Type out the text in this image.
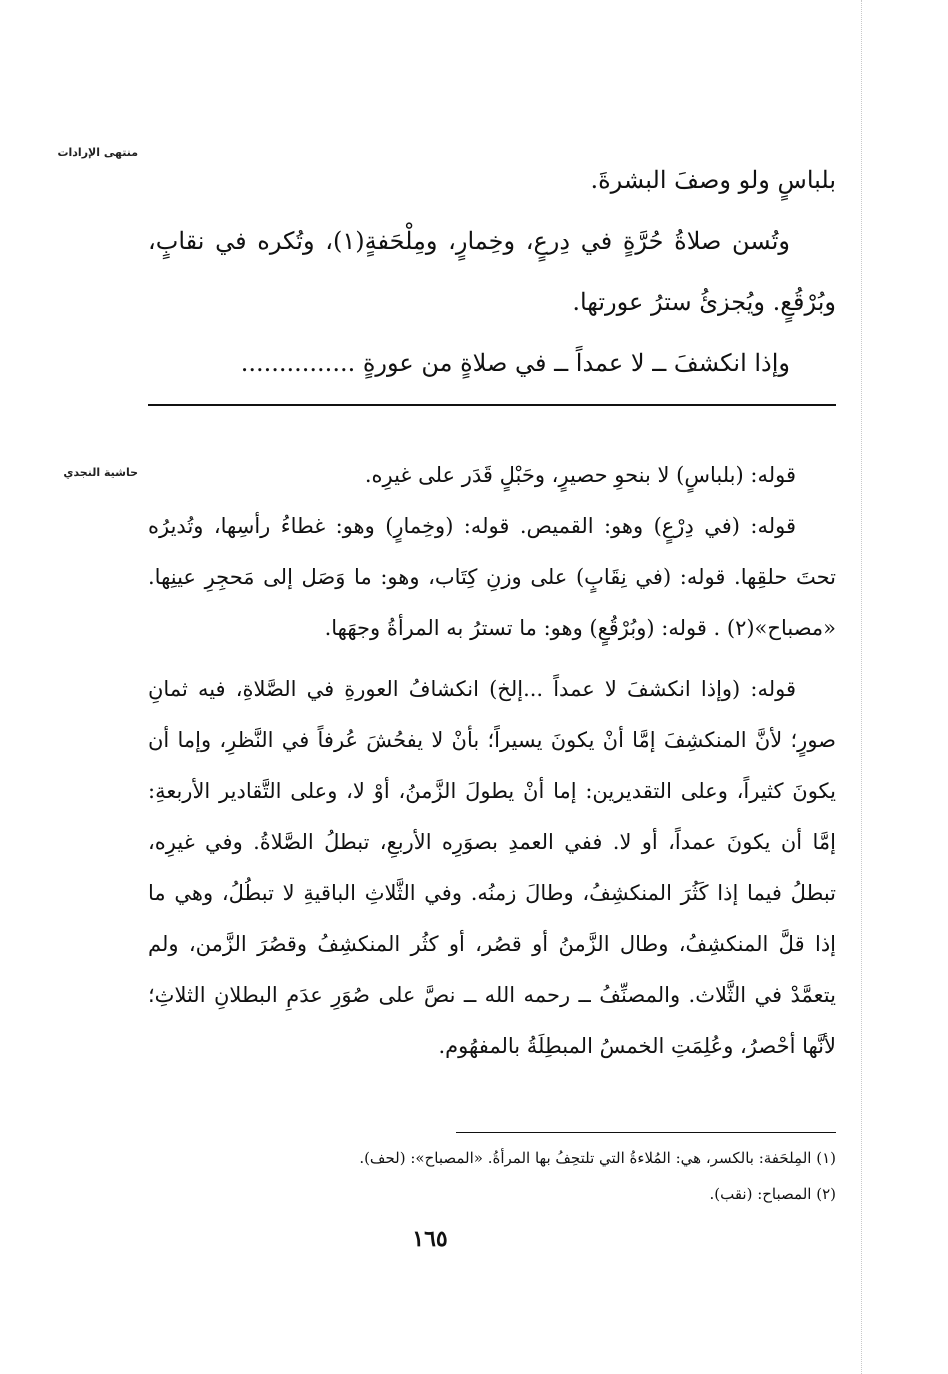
منتهى الإرادات
حاشية النجدي

بلباسٍ ولو وصفَ البشرةَ.

وتُسن صلاةُ حُرَّةٍ في دِرعٍ، وخِمارٍ، ومِلْحَفةٍ(١)، وتُكره في نقابٍ، وبُرْقُعٍ. ويُجزئُ سترُ عورتها.

وإذا انكشفَ ــ لا عمداً ــ في صلاةٍ من عورةٍ ...............

قوله: (بلباسٍ) لا بنحوِ حصيرٍ، وحَبْلٍ قَدَر على غيرِه.

قوله: (في دِرْعٍ) وهو: القميص. قوله: (وخِمارٍ) وهو: غطاءُ رأسِها، وتُديرُه تحتَ حلقِها. قوله: (في نِقَابٍ) على وزنِ كِتَاب، وهو: ما وَصَل إلى مَحجِرِ عينِها. «مصباح»(٢) . قوله: (وبُرْقُعٍ) وهو: ما تسترُ به المرأةُ وجهَها.

قوله: (وإذا انكشفَ لا عمداً ...إلخ) انكشافُ العورةِ في الصَّلاةِ، فيه ثمانِ صورٍ؛ لأنَّ المنكشِفَ إمَّا أنْ يكونَ يسيراً؛ بأنْ لا يفحُشَ عُرفاً في النَّظرِ، وإما أن يكونَ كثيراً، وعلى التقديرين: إما أنْ يطولَ الزَّمنُ، أوْ لا، وعلى التَّقادير الأربعةِ: إمَّا أن يكونَ عمداً، أو لا. ففي العمدِ بصوَرِه الأربعِ، تبطلُ الصَّلاةُ. وفي غيرِه، تبطلُ فيما إذا كَثُرَ المنكشِفُ، وطالَ زمنُه. وفي الثَّلاثِ الباقيةِ لا تبطُلُ، وهي ما إذا قلَّ المنكشِفُ، وطال الزَّمنُ أو قصُر، أو كثُر المنكشِفُ وقصُرَ الزَّمن، ولم يتعمَّدْ في الثَّلاث. والمصنِّفُ ــ رحمه الله ــ نصَّ على صُوَرِ عدَمِ البطلانِ الثلاثِ؛ لأنَّها أحْصرُ، وعُلِمَتِ الخمسُ المبطِلَةُ بالمفهُوم.

(١) المِلحَفة: بالكسر، هي: المُلاءةُ التي تلتحِفُ بها المرأةُ. «المصباح»: (لحف).

(٢) المصباح: (نقب).

١٦٥
